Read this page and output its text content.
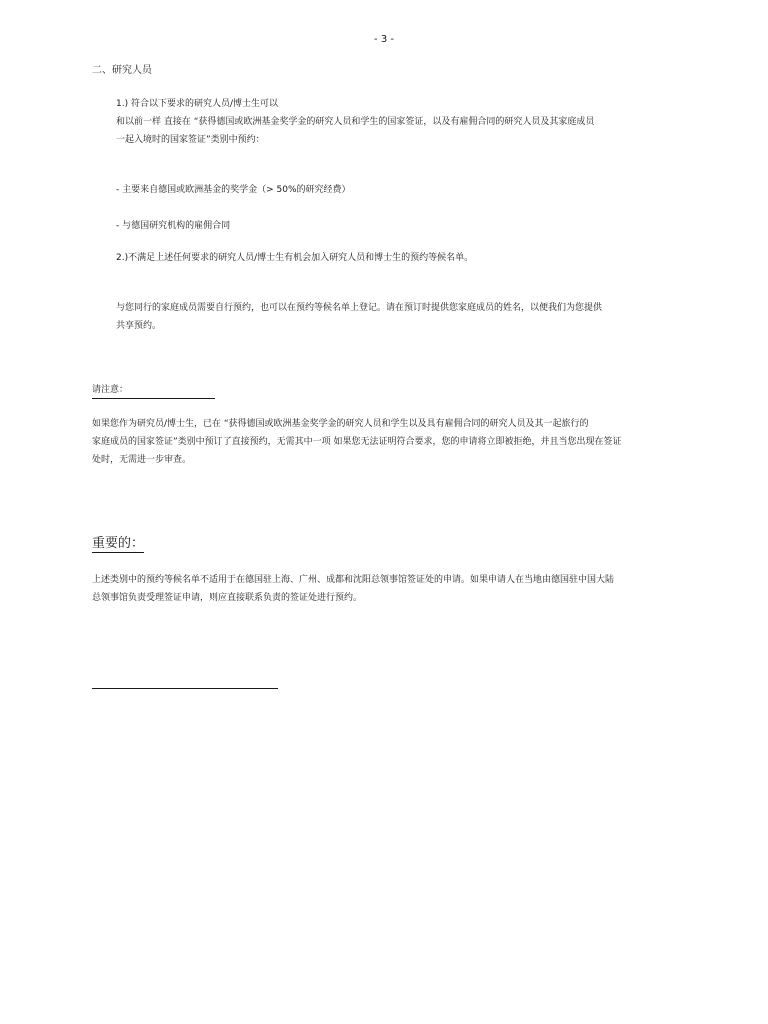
- 3 -
二、研究人员
1.) 符合以下要求的研究人员/博士生可以
和以前一样 直接在 “获得德国或欧洲基金奖学金的研究人员和学生的国家签证，以及有雇佣合同的研究人员及其家庭成员
一起入境时的国家签证”类别中预约：
- 主要来自德国或欧洲基金的奖学金（> 50%的研究经费）
- 与德国研究机构的雇佣合同
2.)不满足上述任何要求的研究人员/博士生有机会加入研究人员和博士生的预约等候名单。
与您同行的家庭成员需要自行预约，也可以在预约等候名单上登记。请在预订时提供您家庭成员的姓名，以便我们为您提供
共享预约。
请注意：
如果您作为研究员/博士生，已在 “获得德国或欧洲基金奖学金的研究人员和学生以及具有雇佣合同的研究人员及其一起旅行的
家庭成员的国家签证”类别中预订了直接预约，无需其中一项 如果您无法证明符合要求，您的申请将立即被拒绝，并且当您出现在签证
处时，无需进一步审查。
重要的：
上述类别中的预约等候名单不适用于在德国驻上海、广州、成都和沈阳总领事馆签证处的申请。如果申请人在当地由德国驻中国大陆
总领事馆负责受理签证申请，则应直接联系负责的签证处进行预约。
